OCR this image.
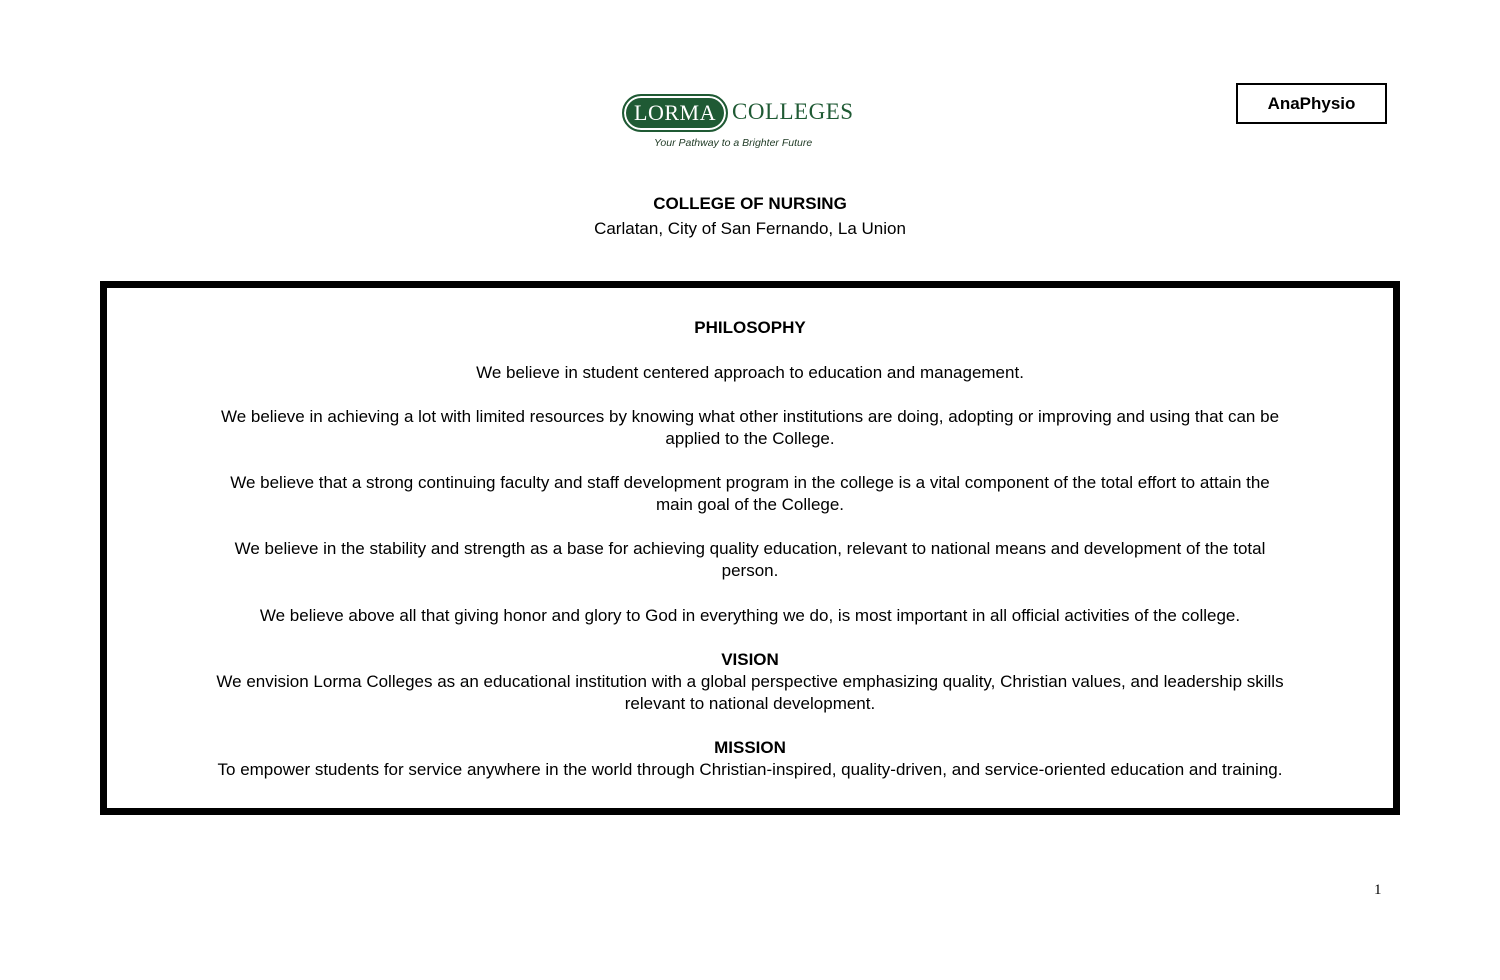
AnaPhysio
LORMA COLLEGES
Your Pathway to a Brighter Future
COLLEGE OF NURSING
Carlatan, City of San Fernando, La Union
PHILOSOPHY
We believe in student centered approach to education and management.
We believe in achieving a lot with limited resources by knowing what other institutions are doing, adopting or improving and using that can be
applied to the College.
We believe that a strong continuing faculty and staff development program in the college is a vital component of the total effort to attain the
main goal of the College.
We believe in the stability and strength as a base for achieving quality education, relevant to national means and development of the total
person.
We believe above all that giving honor and glory to God in everything we do, is most important in all official activities of the college.
VISION
We envision Lorma Colleges as an educational institution with a global perspective emphasizing quality, Christian values, and leadership skills
relevant to national development.
MISSION
To empower students for service anywhere in the world through Christian-inspired, quality-driven, and service-oriented education and training.
1
